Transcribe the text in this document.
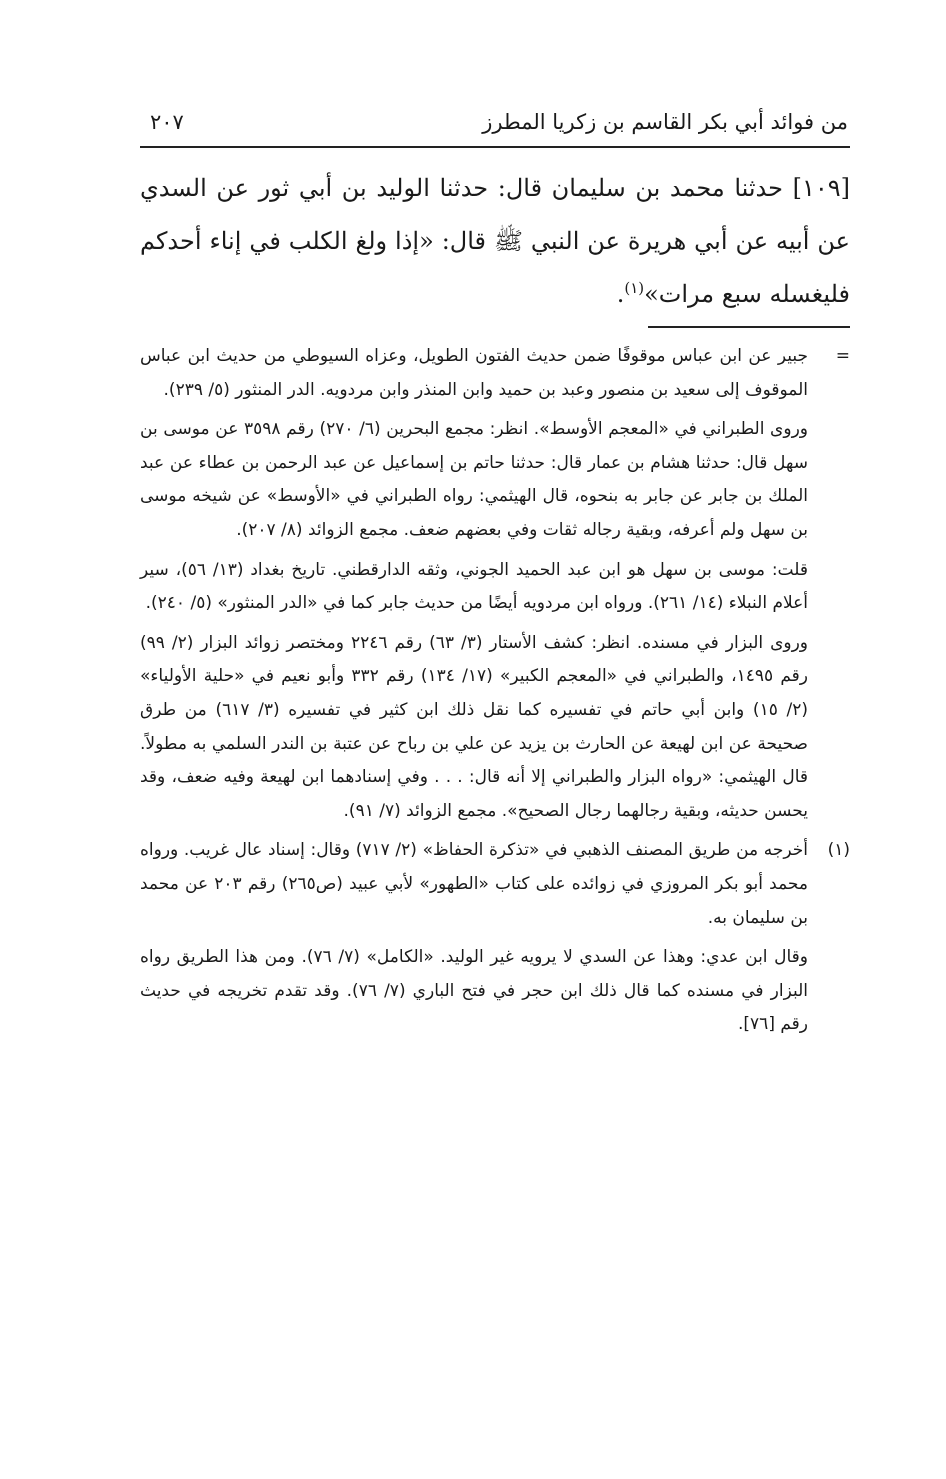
من فوائد أبي بكر القاسم بن زكريا المطرز
٢٠٧

[١٠٩] حدثنا محمد بن سليمان قال: حدثنا الوليد بن أبي ثور عن السدي عن أبيه عن أبي هريرة عن النبي ﷺ قال: «إذا ولغ الكلب في إناء أحدكم فليغسله سبع مرات»$^{(١)}$.

=
جبير عن ابن عباس موقوفًا ضمن حديث الفتون الطويل، وعزاه السيوطي من حديث ابن عباس الموقوف إلى سعيد بن منصور وعبد بن حميد وابن المنذر وابن مردويه. الدر المنثور (٥/ ٢٣٩).

وروى الطبراني في «المعجم الأوسط». انظر: مجمع البحرين (٦/ ٢٧٠) رقم ٣٥٩٨ عن موسى بن سهل قال: حدثنا هشام بن عمار قال: حدثنا حاتم بن إسماعيل عن عبد الرحمن بن عطاء عن عبد الملك بن جابر عن جابر به بنحوه، قال الهيثمي: رواه الطبراني في «الأوسط» عن شيخه موسى بن سهل ولم أعرفه، وبقية رجاله ثقات وفي بعضهم ضعف. مجمع الزوائد (٨/ ٢٠٧).

قلت: موسى بن سهل هو ابن عبد الحميد الجوني، وثقه الدارقطني. تاريخ بغداد (١٣/ ٥٦)، سير أعلام النبلاء (١٤/ ٢٦١). ورواه ابن مردويه أيضًا من حديث جابر كما في «الدر المنثور» (٥/ ٢٤٠).

وروى البزار في مسنده. انظر: كشف الأستار (٣/ ٦٣) رقم ٢٢٤٦ ومختصر زوائد البزار (٢/ ٩٩) رقم ١٤٩٥، والطبراني في «المعجم الكبير» (١٧/ ١٣٤) رقم ٣٣٢ وأبو نعيم في «حلية الأولياء» (٢/ ١٥) وابن أبي حاتم في تفسيره كما نقل ذلك ابن كثير في تفسيره (٣/ ٦١٧) من طرق صحيحة عن ابن لهيعة عن الحارث بن يزيد عن علي بن رباح عن عتبة بن الندر السلمي به مطولاً. قال الهيثمي: «رواه البزار والطبراني إلا أنه قال: . . . وفي إسنادهما ابن لهيعة وفيه ضعف، وقد يحسن حديثه، وبقية رجالهما رجال الصحيح». مجمع الزوائد (٧/ ٩١).

(١)
أخرجه من طريق المصنف الذهبي في «تذكرة الحفاظ» (٢/ ٧١٧) وقال: إسناد عال غريب. ورواه محمد أبو بكر المروزي في زوائده على كتاب «الطهور» لأبي عبيد (ص٢٦٥) رقم ٢٠٣ عن محمد بن سليمان به.

وقال ابن عدي: وهذا عن السدي لا يرويه غير الوليد. «الكامل» (٧/ ٧٦). ومن هذا الطريق رواه البزار في مسنده كما قال ذلك ابن حجر في فتح الباري (٧/ ٧٦). وقد تقدم تخريجه في حديث رقم [٧٦].
